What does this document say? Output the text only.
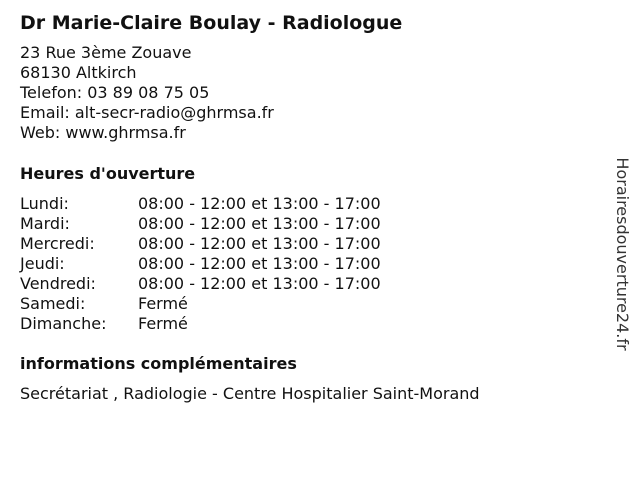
Dr Marie-Claire Boulay - Radiologue
23 Rue 3ème Zouave
68130 Altkirch
Telefon: 03 89 08 75 05
Email: alt-secr-radio@ghrmsa.fr
Web: www.ghrmsa.fr
Heures d'ouverture
Lundi:	08:00 - 12:00 et 13:00 - 17:00
Mardi:	08:00 - 12:00 et 13:00 - 17:00
Mercredi:	08:00 - 12:00 et 13:00 - 17:00
Jeudi:	08:00 - 12:00 et 13:00 - 17:00
Vendredi:	08:00 - 12:00 et 13:00 - 17:00
Samedi:	Fermé
Dimanche: Fermé
informations complémentaires
Secrétariat , Radiologie - Centre Hospitalier Saint-Morand
Horairesdouverture24.fr
